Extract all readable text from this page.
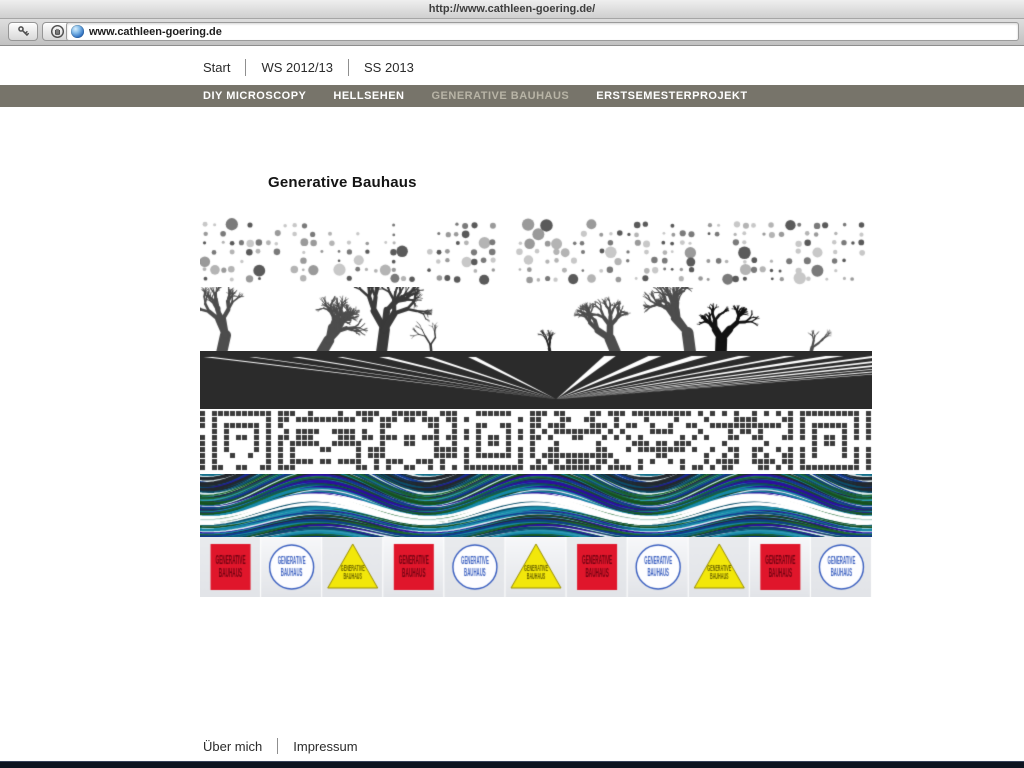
http://www.cathleen-goering.de/
www.cathleen-goering.de
Start WS 2012/13 SS 2013
DIY MICROSCOPY HELLSEHEN GENERATIVE BAUHAUS ERSTSEMESTERPROJEKT
Generative Bauhaus
Über mich Impressum
